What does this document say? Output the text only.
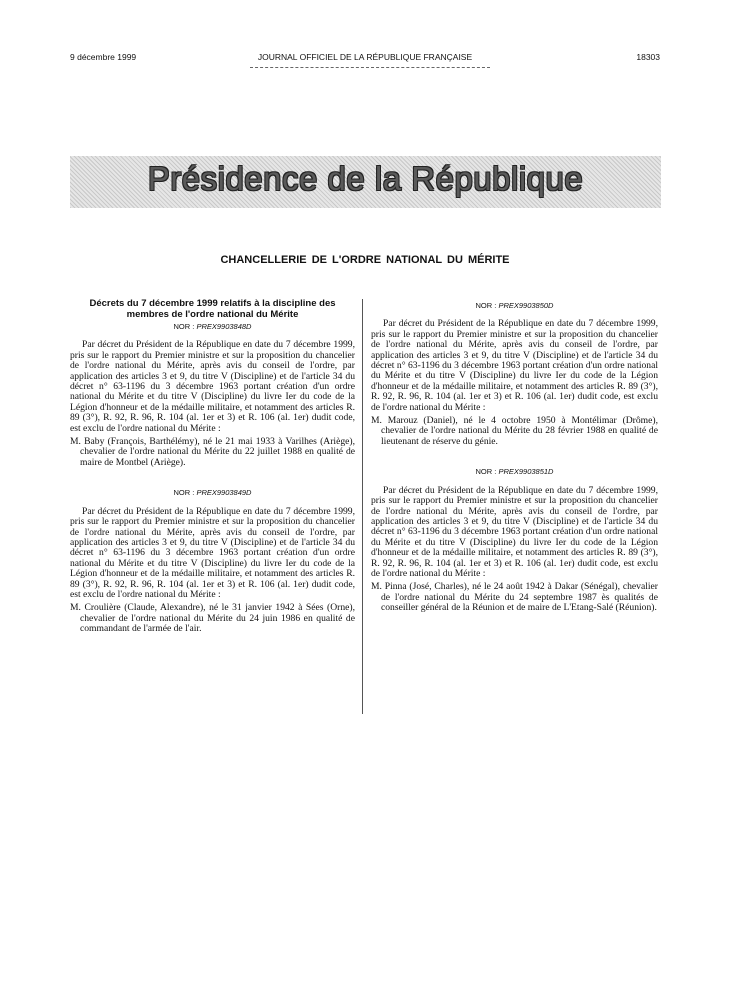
9 décembre 1999	JOURNAL OFFICIEL DE LA RÉPUBLIQUE FRANÇAISE	18303
Présidence de la République
CHANCELLERIE DE L'ORDRE NATIONAL DU MÉRITE

Décrets du 7 décembre 1999 relatifs à la discipline des membres de l'ordre national du Mérite

NOR : PREX9903848D

Par décret du Président de la République en date du 7 décembre 1999, pris sur le rapport du Premier ministre et sur la proposition du chancelier de l'ordre national du Mérite, après avis du conseil de l'ordre, par application des articles 3 et 9, du titre V (Discipline) et de l'article 34 du décret n° 63-1196 du 3 décembre 1963 portant création d'un ordre national du Mérite et du titre V (Discipline) du livre Ier du code de la Légion d'honneur et de la médaille militaire, et notamment des articles R. 89 (3°), R. 92, R. 96, R. 104 (al. 1er et 3) et R. 106 (al. 1er) dudit code, est exclu de l'ordre national du Mérite :

M. Baby (François, Barthélémy), né le 21 mai 1933 à Varilhes (Ariège), chevalier de l'ordre national du Mérite du 22 juillet 1988 en qualité de maire de Montbel (Ariège).

NOR : PREX9903849D

Par décret du Président de la République en date du 7 décembre 1999, pris sur le rapport du Premier ministre et sur la proposition du chancelier de l'ordre national du Mérite, après avis du conseil de l'ordre, par application des articles 3 et 9, du titre V (Discipline) et de l'article 34 du décret n° 63-1196 du 3 décembre 1963 portant création d'un ordre national du Mérite et du titre V (Discipline) du livre Ier du code de la Légion d'honneur et de la médaille militaire, et notamment des articles R. 89 (3°), R. 92, R. 96, R. 104 (al. 1er et 3) et R. 106 (al. 1er) dudit code, est exclu de l'ordre national du Mérite :

M. Croulière (Claude, Alexandre), né le 31 janvier 1942 à Sées (Orne), chevalier de l'ordre national du Mérite du 24 juin 1986 en qualité de commandant de l'armée de l'air.

NOR : PREX9903850D

Par décret du Président de la République en date du 7 décembre 1999, pris sur le rapport du Premier ministre et sur la proposition du chancelier de l'ordre national du Mérite, après avis du conseil de l'ordre, par application des articles 3 et 9, du titre V (Discipline) et de l'article 34 du décret n° 63-1196 du 3 décembre 1963 portant création d'un ordre national du Mérite et du titre V (Discipline) du livre Ier du code de la Légion d'honneur et de la médaille militaire, et notamment des articles R. 89 (3°), R. 92, R. 96, R. 104 (al. 1er et 3) et R. 106 (al. 1er) dudit code, est exclu de l'ordre national du Mérite :

M. Marouz (Daniel), né le 4 octobre 1950 à Montélimar (Drôme), chevalier de l'ordre national du Mérite du 28 février 1988 en qualité de lieutenant de réserve du génie.

NOR : PREX9903851D

Par décret du Président de la République en date du 7 décembre 1999, pris sur le rapport du Premier ministre et sur la proposition du chancelier de l'ordre national du Mérite, après avis du conseil de l'ordre, par application des articles 3 et 9, du titre V (Discipline) et de l'article 34 du décret n° 63-1196 du 3 décembre 1963 portant création d'un ordre national du Mérite et du titre V (Discipline) du livre Ier du code de la Légion d'honneur et de la médaille militaire, et notamment des articles R. 89 (3°), R. 92, R. 96, R. 104 (al. 1er et 3) et R. 106 (al. 1er) dudit code, est exclu de l'ordre national du Mérite :

M. Pinna (José, Charles), né le 24 août 1942 à Dakar (Sénégal), chevalier de l'ordre national du Mérite du 24 septembre 1987 ès qualités de conseiller général de la Réunion et de maire de L'Etang-Salé (Réunion).
